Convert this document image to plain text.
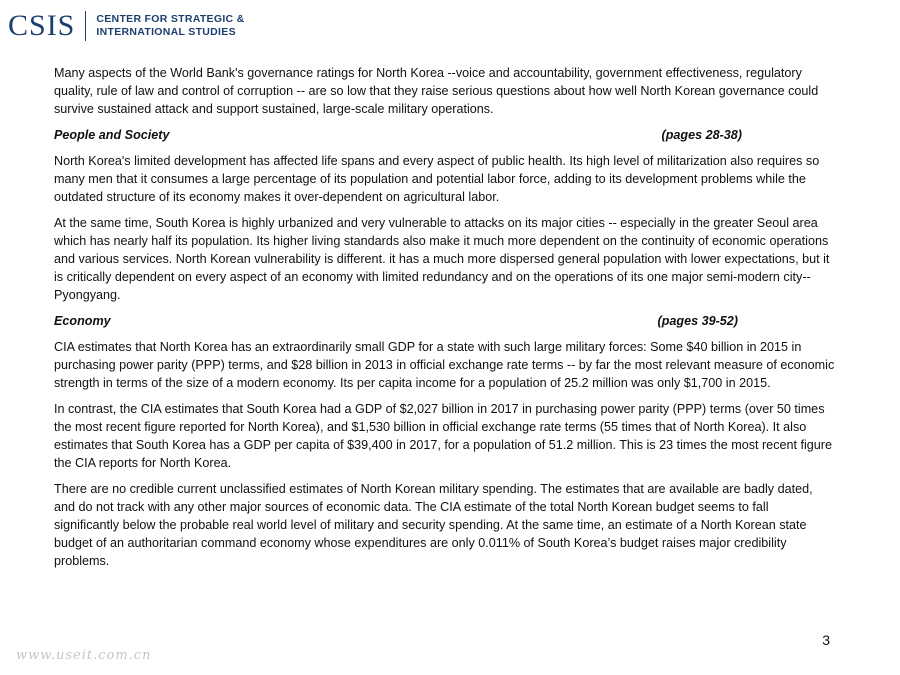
CSIS CENTER FOR STRATEGIC &
INTERNATIONAL STUDIES

Many aspects of the World Bank's governance ratings for North Korea --voice and accountability, government effectiveness, regulatory quality, rule of law and control of corruption -- are so low that they raise serious questions about how well North Korean governance could survive sustained attack and support sustained, large-scale military operations.

People and Society	(pages 28-38)

North Korea's limited development has affected life spans and every aspect of public health. Its high level of militarization also requires so many men that it consumes a large percentage of its population and potential labor force, adding to its development problems while the outdated structure of its economy makes it over-dependent on agricultural labor.

At the same time, South Korea is highly urbanized and very vulnerable to attacks on its major cities -- especially in the greater Seoul area which has nearly half its population. Its higher living standards also make it much more dependent on the continuity of economic operations and various services. North Korean vulnerability is different. it has a much more dispersed general population with lower expectations, but it is critically dependent on every aspect of an economy with limited redundancy and on the operations of its one major semi-modern city-- Pyongyang.

Economy	(pages 39-52)

CIA estimates that North Korea has an extraordinarily small GDP for a state with such large military forces: Some $40 billion in 2015 in purchasing power parity (PPP) terms, and $28 billion in 2013 in official exchange rate terms -- by far the most relevant measure of economic strength in terms of the size of a modern economy. Its per capita income for a population of 25.2 million was only $1,700 in 2015.

In contrast, the CIA estimates that South Korea had a GDP of $2,027 billion in 2017 in purchasing power parity (PPP) terms (over 50 times the most recent figure reported for North Korea), and $1,530 billion in official exchange rate terms (55 times that of North Korea). It also estimates that South Korea has a GDP per capita of $39,400 in 2017, for a population of 51.2 million. This is 23 times the most recent figure the CIA reports for North Korea.

There are no credible current unclassified estimates of North Korean military spending. The estimates that are available are badly dated, and do not track with any other major sources of economic data. The CIA estimate of the total North Korean budget seems to fall significantly below the probable real world level of military and security spending. At the same time, an estimate of a North Korean state budget of an authoritarian command economy whose expenditures are only 0.011% of South Korea’s budget raises major credibility problems.

3
www.useit.com.cn
